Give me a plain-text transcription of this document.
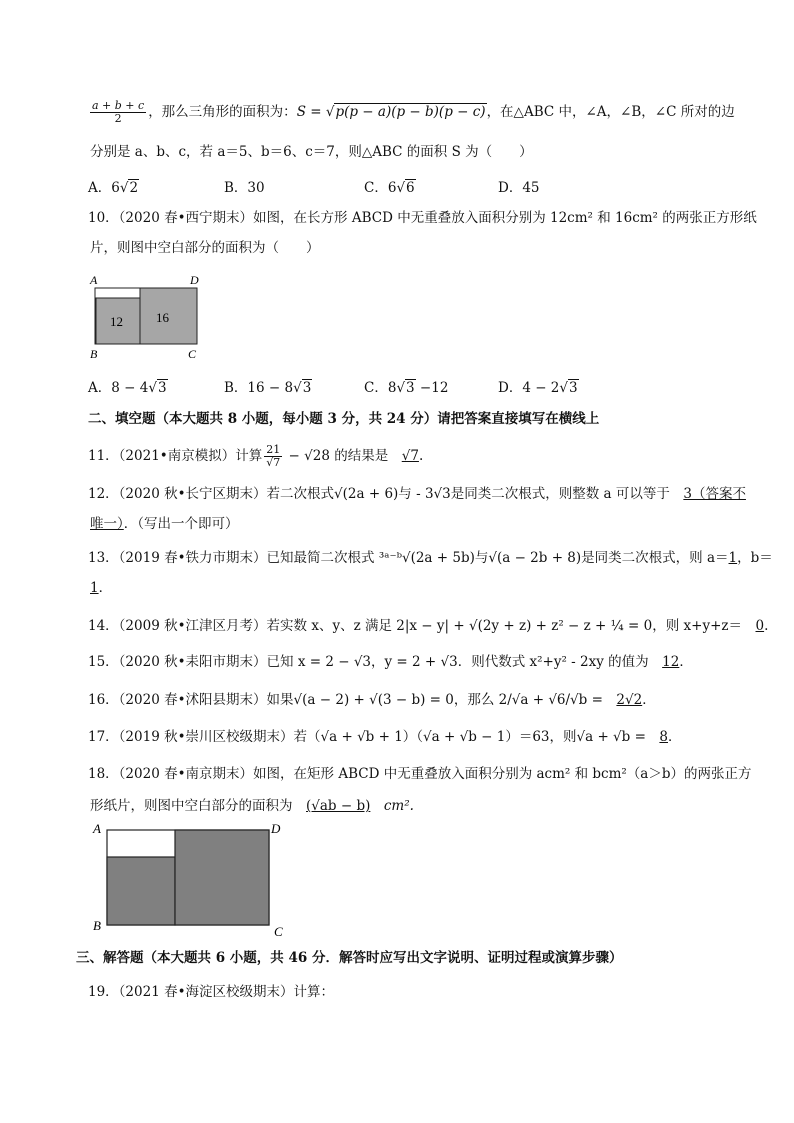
$\frac{a + b + c}{2}$ ，那么三角形的面积为：S = √p(p − a)(p − b)(p − c)，在△ABC 中，∠A，∠B，∠C 所对的边
分别是 a、b、c，若 a＝5、b＝6、c＝7，则△ABC 的面积 S 为（　　）
A．6√2	B．30	C．6√6	D．45
10．（2020 春•西宁期末）如图，在长方形 ABCD 中无重叠放入面积分别为 12cm² 和 16cm² 的两张正方形纸
片，则图中空白部分的面积为（　　）
A	D
12	16
B	C
A．8 − 4√3	B．16 − 8√3	C．8√3 −12	D．4 − 2√3
二、填空题（本大题共 8 小题，每小题 3 分，共 24 分）请把答案直接填写在横线上
11．（2021•南京模拟）计算 $\frac{21}{√7} - √28$ 的结果是　 √7.
12．（2020 秋•长宁区期末）若二次根式√(2a + 6)与 - 3√3是同类二次根式，则整数 a 可以等于　 3（答案不
唯一）．（写出一个即可）
13．（2019 春•铁力市期末）已知最简二次根式 ³ᵃ⁻ᵇ√(2a + 5b)与√(a − 2b + 8)是同类二次根式，则 a＝1，b＝
1．
14．（2009 秋•江津区月考）若实数 x、y、z 满足 2|x − y| + √(2y + z) + z² − z + ¼ = 0，则 x+y+z＝　 0.
15．（2020 秋•耒阳市期末）已知 x = 2 − √3，y = 2 + √3．则代数式 x²+y² - 2xy 的值为　 12．
16．（2020 春•沭阳县期末）如果√(a − 2) + √(3 − b) = 0，那么 2/√a + √6/√b =　 2√2．
17．（2019 秋•崇川区校级期末）若（√a + √b + 1）（√a + √b − 1）＝63，则√a + √b =　 8．
18．（2020 春•南京期末）如图，在矩形 ABCD 中无重叠放入面积分别为 acm² 和 bcm²（a＞b）的两张正方
形纸片，则图中空白部分的面积为　 (√ab − b)　 cm².
A	D
B	C
三、解答题（本大题共 6 小题，共 46 分．解答时应写出文字说明、证明过程或演算步骤）
19．（2021 春•海淀区校级期末）计算：
